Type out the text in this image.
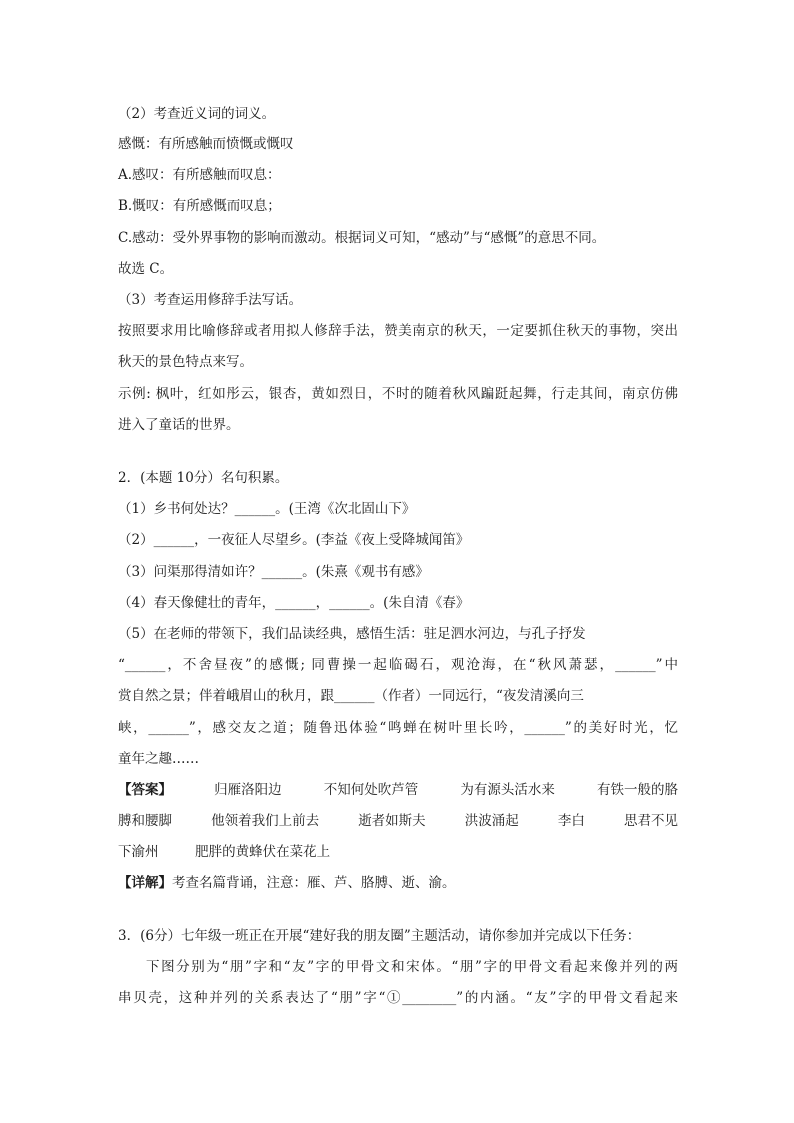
（2）考查近义词的词义。
感慨：有所感触而愤慨或慨叹
A.感叹：有所感触而叹息：
B.慨叹：有所感慨而叹息；
C.感动：受外界事物的影响而激动。根据词义可知，“感动”与“感慨”的意思不同。
故选 C。
（3）考查运用修辞手法写话。
按照要求用比喻修辞或者用拟人修辞手法，赞美南京的秋天，一定要抓住秋天的事物，突出
秋天的景色特点来写。
示例: 枫叶，红如彤云，银杏，黄如烈日，不时的随着秋风蹁跹起舞，行走其间，南京仿佛
进入了童话的世界。
2．(本题 10分）名句积累。
（1）乡书何处达？______。(王湾《次北固山下》
（2）______，一夜征人尽望乡。(李益《夜上受降城闻笛》
（3）问渠那得清如许？______。(朱熹《观书有感》
（4）春天像健壮的青年，______，______。(朱自清《春》
（5）在老师的带领下，我们品读经典，感悟生活：驻足泗水河边，与孔子抒发
“______，不舍昼夜”的感慨; 同曹操一起临碣石，观沧海，在“秋风萧瑟，______”中
赏自然之景；伴着峨眉山的秋月，跟______（作者）一同远行，“夜发清溪向三
峡，______”，感交友之道；随鲁迅体验“鸣蝉在树叶里长吟，______”的美好时光，忆
童年之趣……
【答案】	归雁洛阳边	不知何处吹芦管	为有源头活水来	有铁一般的胳
膊和腰脚	他领着我们上前去	逝者如斯夫	洪波涌起	李白	思君不见
下渝州	肥胖的黄蜂伏在菜花上
【详解】考查名篇背诵，注意：雁、芦、胳膊、逝、渝。
3．(6分）七年级一班正在开展“建好我的朋友圈”主题活动，请你参加并完成以下任务：
下图分别为“朋”字和“友”字的甲骨文和宋体。“朋”字的甲骨文看起来像并列的两
串贝壳，这种并列的关系表达了“朋”字“①________”的内涵。“友”字的甲骨文看起来
